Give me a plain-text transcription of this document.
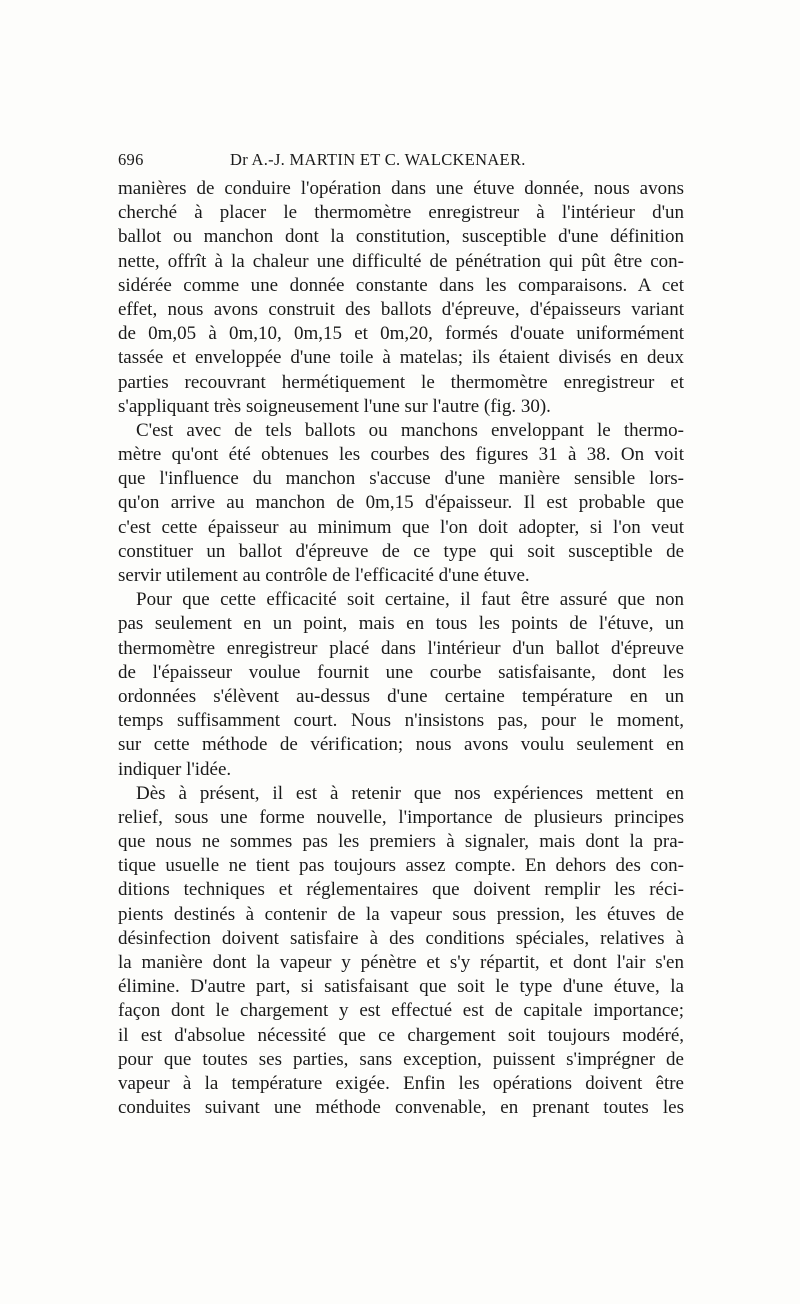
696	Dr A.-J. MARTIN ET C. WALCKENAER.
manières de conduire l'opération dans une étuve donnée, nous avons
cherché à placer le thermomètre enregistreur à l'intérieur d'un
ballot ou manchon dont la constitution, susceptible d'une définition
nette, offrît à la chaleur une difficulté de pénétration qui pût être con-
sidérée comme une donnée constante dans les comparaisons. A cet
effet, nous avons construit des ballots d'épreuve, d'épaisseurs variant
de 0m,05 à 0m,10, 0m,15 et 0m,20, formés d'ouate uniformément
tassée et enveloppée d'une toile à matelas; ils étaient divisés en deux
parties recouvrant hermétiquement le thermomètre enregistreur et
s'appliquant très soigneusement l'une sur l'autre (fig. 30).
C'est avec de tels ballots ou manchons enveloppant le thermo-
mètre qu'ont été obtenues les courbes des figures 31 à 38. On voit
que l'influence du manchon s'accuse d'une manière sensible lors-
qu'on arrive au manchon de 0m,15 d'épaisseur. Il est probable que
c'est cette épaisseur au minimum que l'on doit adopter, si l'on veut
constituer un ballot d'épreuve de ce type qui soit susceptible de
servir utilement au contrôle de l'efficacité d'une étuve.
Pour que cette efficacité soit certaine, il faut être assuré que non
pas seulement en un point, mais en tous les points de l'étuve, un
thermomètre enregistreur placé dans l'intérieur d'un ballot d'épreuve
de l'épaisseur voulue fournit une courbe satisfaisante, dont les
ordonnées s'élèvent au-dessus d'une certaine température en un
temps suffisamment court. Nous n'insistons pas, pour le moment,
sur cette méthode de vérification; nous avons voulu seulement en
indiquer l'idée.
Dès à présent, il est à retenir que nos expériences mettent en
relief, sous une forme nouvelle, l'importance de plusieurs principes
que nous ne sommes pas les premiers à signaler, mais dont la pra-
tique usuelle ne tient pas toujours assez compte. En dehors des con-
ditions techniques et réglementaires que doivent remplir les réci-
pients destinés à contenir de la vapeur sous pression, les étuves de
désinfection doivent satisfaire à des conditions spéciales, relatives à
la manière dont la vapeur y pénètre et s'y répartit, et dont l'air s'en
élimine. D'autre part, si satisfaisant que soit le type d'une étuve, la
façon dont le chargement y est effectué est de capitale importance;
il est d'absolue nécessité que ce chargement soit toujours modéré,
pour que toutes ses parties, sans exception, puissent s'imprégner de
vapeur à la température exigée. Enfin les opérations doivent être
conduites suivant une méthode convenable, en prenant toutes les
